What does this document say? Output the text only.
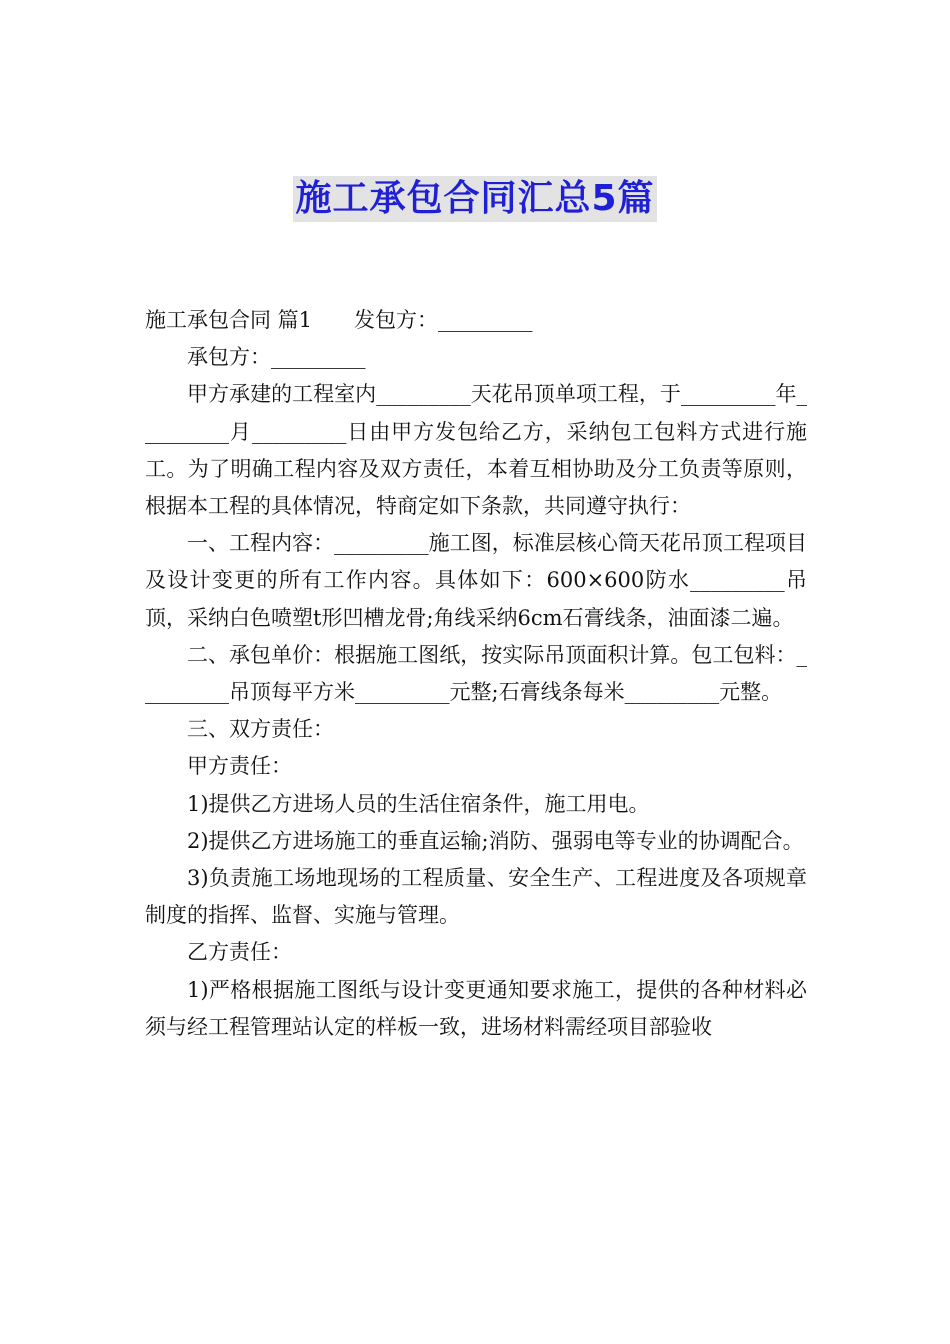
施工承包合同汇总5篇

施工承包合同 篇1　　发包方：_________

承包方：_________

甲方承建的工程室内_________天花吊顶单项工程，于_________年_________月_________日由甲方发包给乙方，采纳包工包料方式进行施工。为了明确工程内容及双方责任，本着互相协助及分工负责等原则，根据本工程的具体情况，特商定如下条款，共同遵守执行：

一、工程内容：_________施工图，标准层核心筒天花吊顶工程项目及设计变更的所有工作内容。具体如下：600×600防水_________吊顶，采纳白色喷塑t形凹槽龙骨;角线采纳6cm石膏线条，油面漆二遍。

二、承包单价：根据施工图纸，按实际吊顶面积计算。包工包料：_________吊顶每平方米_________元整;石膏线条每米_________元整。

三、双方责任：

甲方责任：

1)提供乙方进场人员的生活住宿条件，施工用电。

2)提供乙方进场施工的垂直运输;消防、强弱电等专业的协调配合。

3)负责施工场地现场的工程质量、安全生产、工程进度及各项规章制度的指挥、监督、实施与管理。

乙方责任：

1)严格根据施工图纸与设计变更通知要求施工，提供的各种材料必须与经工程管理站认定的样板一致，进场材料需经项目部验收
